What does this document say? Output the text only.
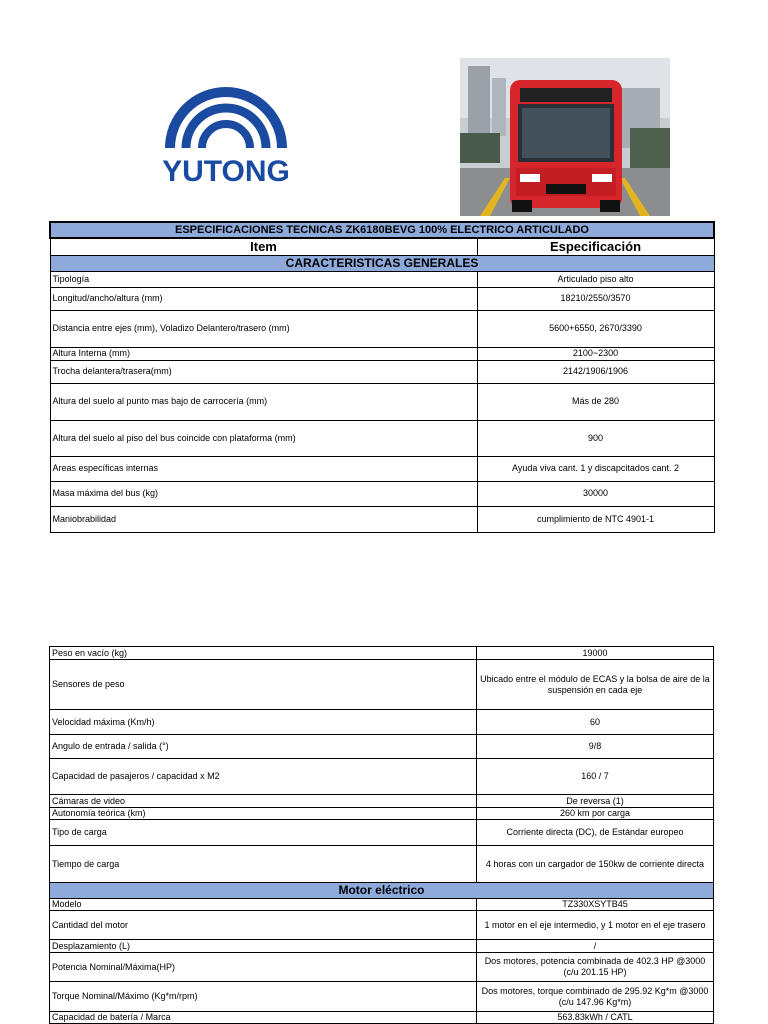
YUTONG
ESPECIFICACIONES TECNICAS ZK6180BEVG 100% ELECTRICO ARTICULADO	
Item	Especificación
CARACTERISTICAS GENERALES	
Tipología	Articulado piso alto
Longitud/ancho/altura (mm)	18210/2550/3570
Distancia entre ejes (mm), Voladizo Delantero/trasero (mm)	5600+6550, 2670/3390
Altura Interna (mm)	2100~2300
Trocha delantera/trasera(mm)	2142/1906/1906
Altura del suelo al punto mas bajo de carrocería (mm)	Más de 280
Altura del suelo al piso del bus coincide con plataforma (mm)	900
Areas específicas internas	Ayuda viva cant. 1 y discapcitados cant. 2
Masa máxima del bus (kg)	30000
Maniobrabilidad	cumplimiento de NTC 4901-1
Peso en vacío (kg)	19000
Sensores de peso	Ubicado entre el módulo de ECAS y la bolsa de aire de la suspensión en cada eje
Velocidad máxima (Km/h)	60
Angulo de entrada / salida (°)	9/8
Capacidad de pasajeros / capacidad x M2	160 / 7
Cámaras de video	De reversa (1)
Autonomía teórica (km)	260 km por carga
Tipo de carga	Corriente directa (DC), de Estándar europeo
Tiempo de carga	4 horas con un cargador de 150kw de corriente directa
Motor eléctrico	
Modelo	TZ330XSYTB45
Cantidad del motor	1 motor en el eje intermedio, y 1 motor en el eje trasero
Desplazamiento (L)	/
Potencia Nominal/Máxima(HP)	Dos motores, potencia combinada de 402.3 HP @3000 (c/u 201.15 HP)
Torque Nominal/Máximo (Kg*m/rpm)	Dos motores, torque combinado de 295.92 Kg*m @3000 (c/u 147.96 Kg*m)
Capacidad de batería / Marca	563.83kWh / CATL
